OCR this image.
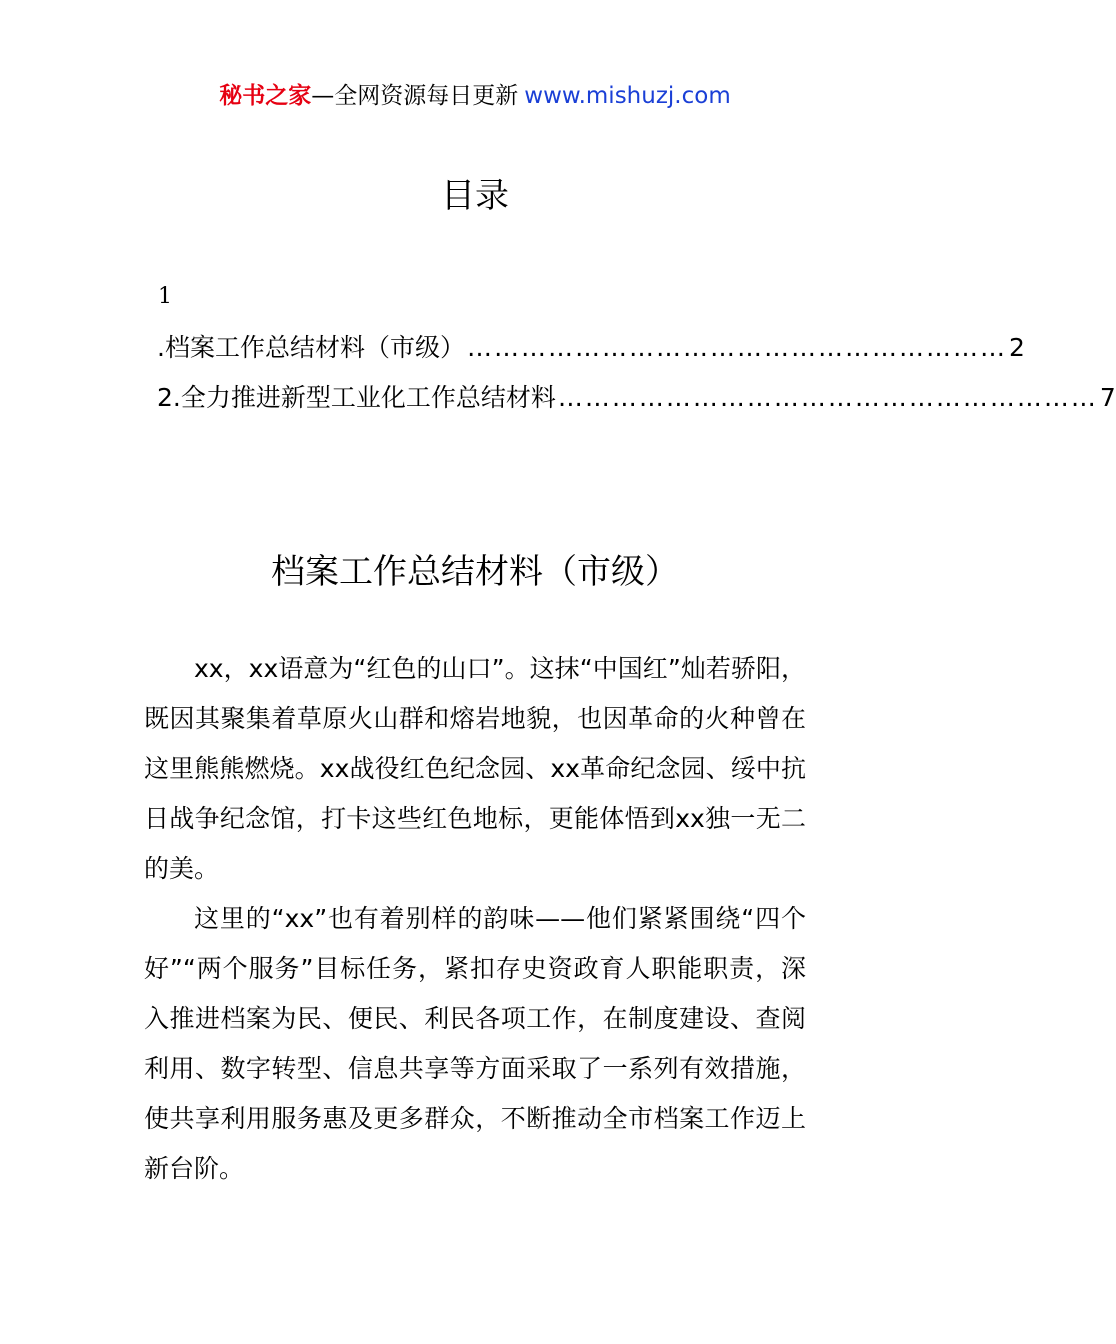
秘书之家—全网资源每日更新 www.mishuzj.com
目录
1
.档案工作总结材料（市级） …………………………………………………… 2
2.全力推进新型工业化工作总结材料 …………………………………………………… 7
档案工作总结材料（市级）

xx，xx语意为“红色的山口”。这抹“中国红”灿若骄阳，既因其聚集着草原火山群和熔岩地貌，也因革命的火种曾在这里熊熊燃烧。xx战役红色纪念园、xx革命纪念园、绥中抗日战争纪念馆，打卡这些红色地标，更能体悟到xx独一无二的美。

这里的“xx”也有着别样的韵味——他们紧紧围绕“四个好”“两个服务”目标任务，紧扣存史资政育人职能职责，深入推进档案为民、便民、利民各项工作，在制度建设、查阅利用、数字转型、信息共享等方面采取了一系列有效措施，使共享利用服务惠及更多群众，不断推动全市档案工作迈上新台阶。
